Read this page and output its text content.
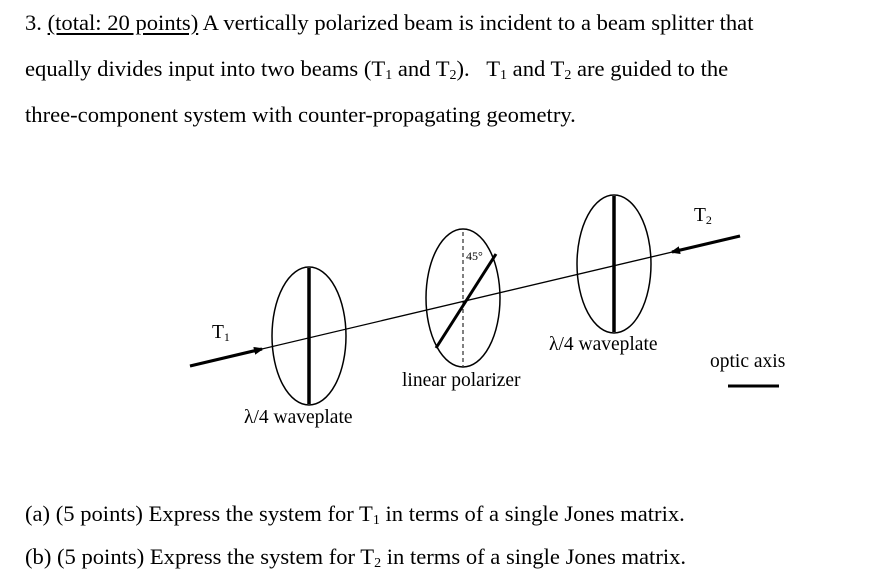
3. (total: 20 points) A vertically polarized beam is incident to a beam splitter that
equally divides input into two beams ($T_1$ and $T_2$).   $T_1$ and $T_2$ are guided to the
three-component system with counter-propagating geometry.
45°
T1
T2
λ/4 waveplate
linear polarizer
λ/4 waveplate
optic axis
(a) (5 points) Express the system for $T_1$ in terms of a single Jones matrix.
(b) (5 points) Express the system for $T_2$ in terms of a single Jones matrix.
